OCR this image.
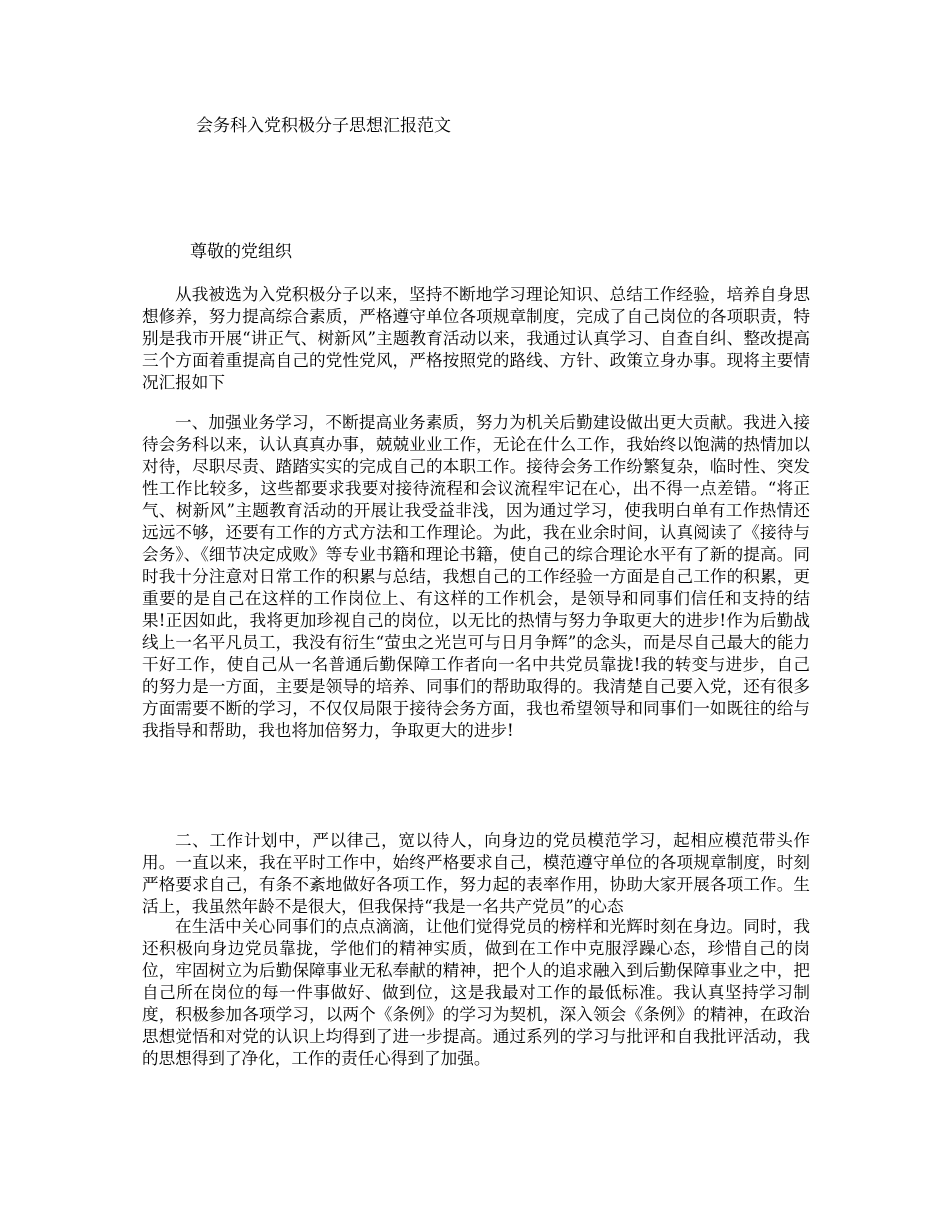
会务科入党积极分子思想汇报范文
尊敬的党组织

从我被选为入党积极分子以来，坚持不断地学习理论知识、总结工作经验，培养自身思想修养，努力提高综合素质，严格遵守单位各项规章制度，完成了自己岗位的各项职责，特别是我市开展“讲正气、树新风”主题教育活动以来，我通过认真学习、自查自纠、整改提高三个方面着重提高自己的党性党风，严格按照党的路线、方针、政策立身办事。现将主要情况汇报如下

一、加强业务学习，不断提高业务素质，努力为机关后勤建设做出更大贡献。我进入接待会务科以来，认认真真办事，兢兢业业工作，无论在什么工作，我始终以饱满的热情加以对待，尽职尽责、踏踏实实的完成自己的本职工作。接待会务工作纷繁复杂，临时性、突发性工作比较多，这些都要求我要对接待流程和会议流程牢记在心，出不得一点差错。“将正气、树新风”主题教育活动的开展让我受益非浅，因为通过学习，使我明白单有工作热情还远远不够，还要有工作的方式方法和工作理论。为此，我在业余时间，认真阅读了《接待与会务》、《细节决定成败》等专业书籍和理论书籍，使自己的综合理论水平有了新的提高。同时我十分注意对日常工作的积累与总结，我想自己的工作经验一方面是自己工作的积累，更重要的是自己在这样的工作岗位上、有这样的工作机会，是领导和同事们信任和支持的结果!正因如此，我将更加珍视自己的岗位，以无比的热情与努力争取更大的进步!作为后勤战线上一名平凡员工，我没有衍生“萤虫之光岂可与日月争辉”的念头，而是尽自己最大的能力干好工作，使自己从一名普通后勤保障工作者向一名中共党员靠拢!我的转变与进步，自己的努力是一方面，主要是领导的培养、同事们的帮助取得的。我清楚自己要入党，还有很多方面需要不断的学习，不仅仅局限于接待会务方面，我也希望领导和同事们一如既往的给与我指导和帮助，我也将加倍努力，争取更大的进步!

二、工作计划中，严以律己，宽以待人，向身边的党员模范学习，起相应模范带头作用。一直以来，我在平时工作中，始终严格要求自己，模范遵守单位的各项规章制度，时刻严格要求自己，有条不紊地做好各项工作，努力起的表率作用，协助大家开展各项工作。生活上，我虽然年龄不是很大，但我保持“我是一名共产党员”的心态

在生活中关心同事们的点点滴滴，让他们觉得党员的榜样和光辉时刻在身边。同时，我还积极向身边党员靠拢，学他们的精神实质，做到在工作中克服浮躁心态，珍惜自己的岗位，牢固树立为后勤保障事业无私奉献的精神，把个人的追求融入到后勤保障事业之中，把自己所在岗位的每一件事做好、做到位，这是我最对工作的最低标准。我认真坚持学习制度，积极参加各项学习，以两个《条例》的学习为契机，深入领会《条例》的精神，在政治思想觉悟和对党的认识上均得到了进一步提高。通过系列的学习与批评和自我批评活动，我的思想得到了净化，工作的责任心得到了加强。
